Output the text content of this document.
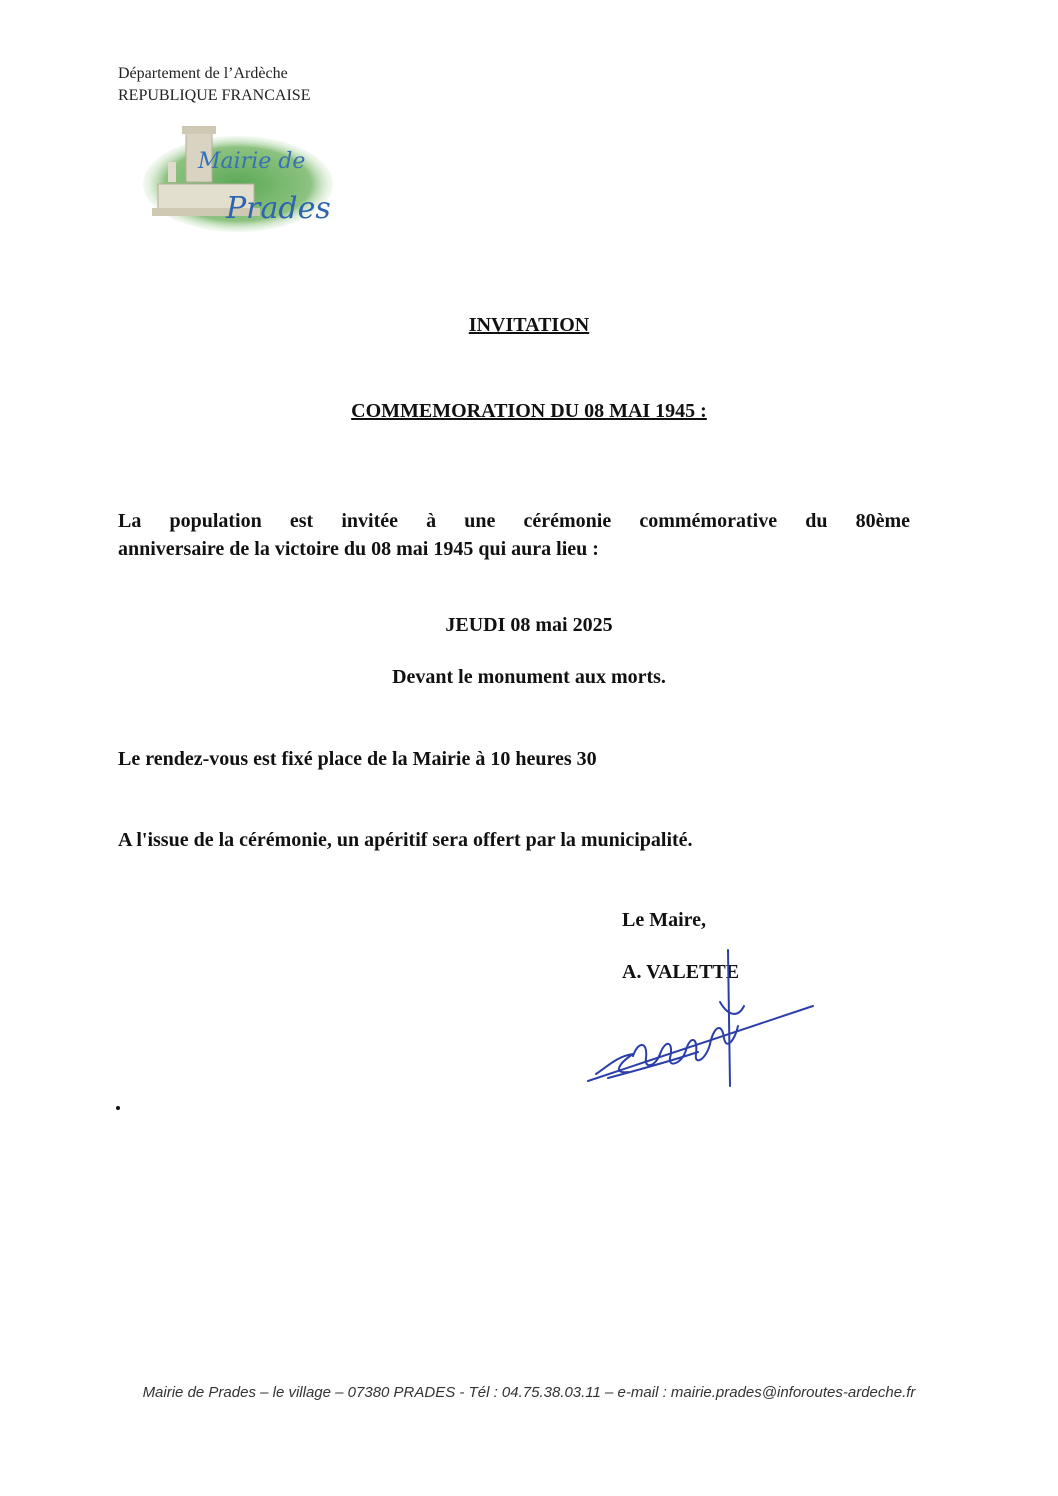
Département de l’Ardèche
REPUBLIQUE FRANCAISE
Mairie de
Prades
INVITATION
COMMEMORATION DU 08 MAI 1945 :
La population est invitée à une cérémonie commémorative du 80ème
anniversaire de la victoire du 08 mai 1945 qui aura lieu :
JEUDI 08 mai 2025
Devant le monument aux morts.
Le rendez-vous est fixé place de la Mairie à 10 heures 30
A l'issue de la cérémonie, un apéritif sera offert par la municipalité.
Le Maire,
A. VALETTE
Mairie de Prades – le village – 07380 PRADES - Tél : 04.75.38.03.11 – e-mail : mairie.prades@inforoutes-ardeche.fr
